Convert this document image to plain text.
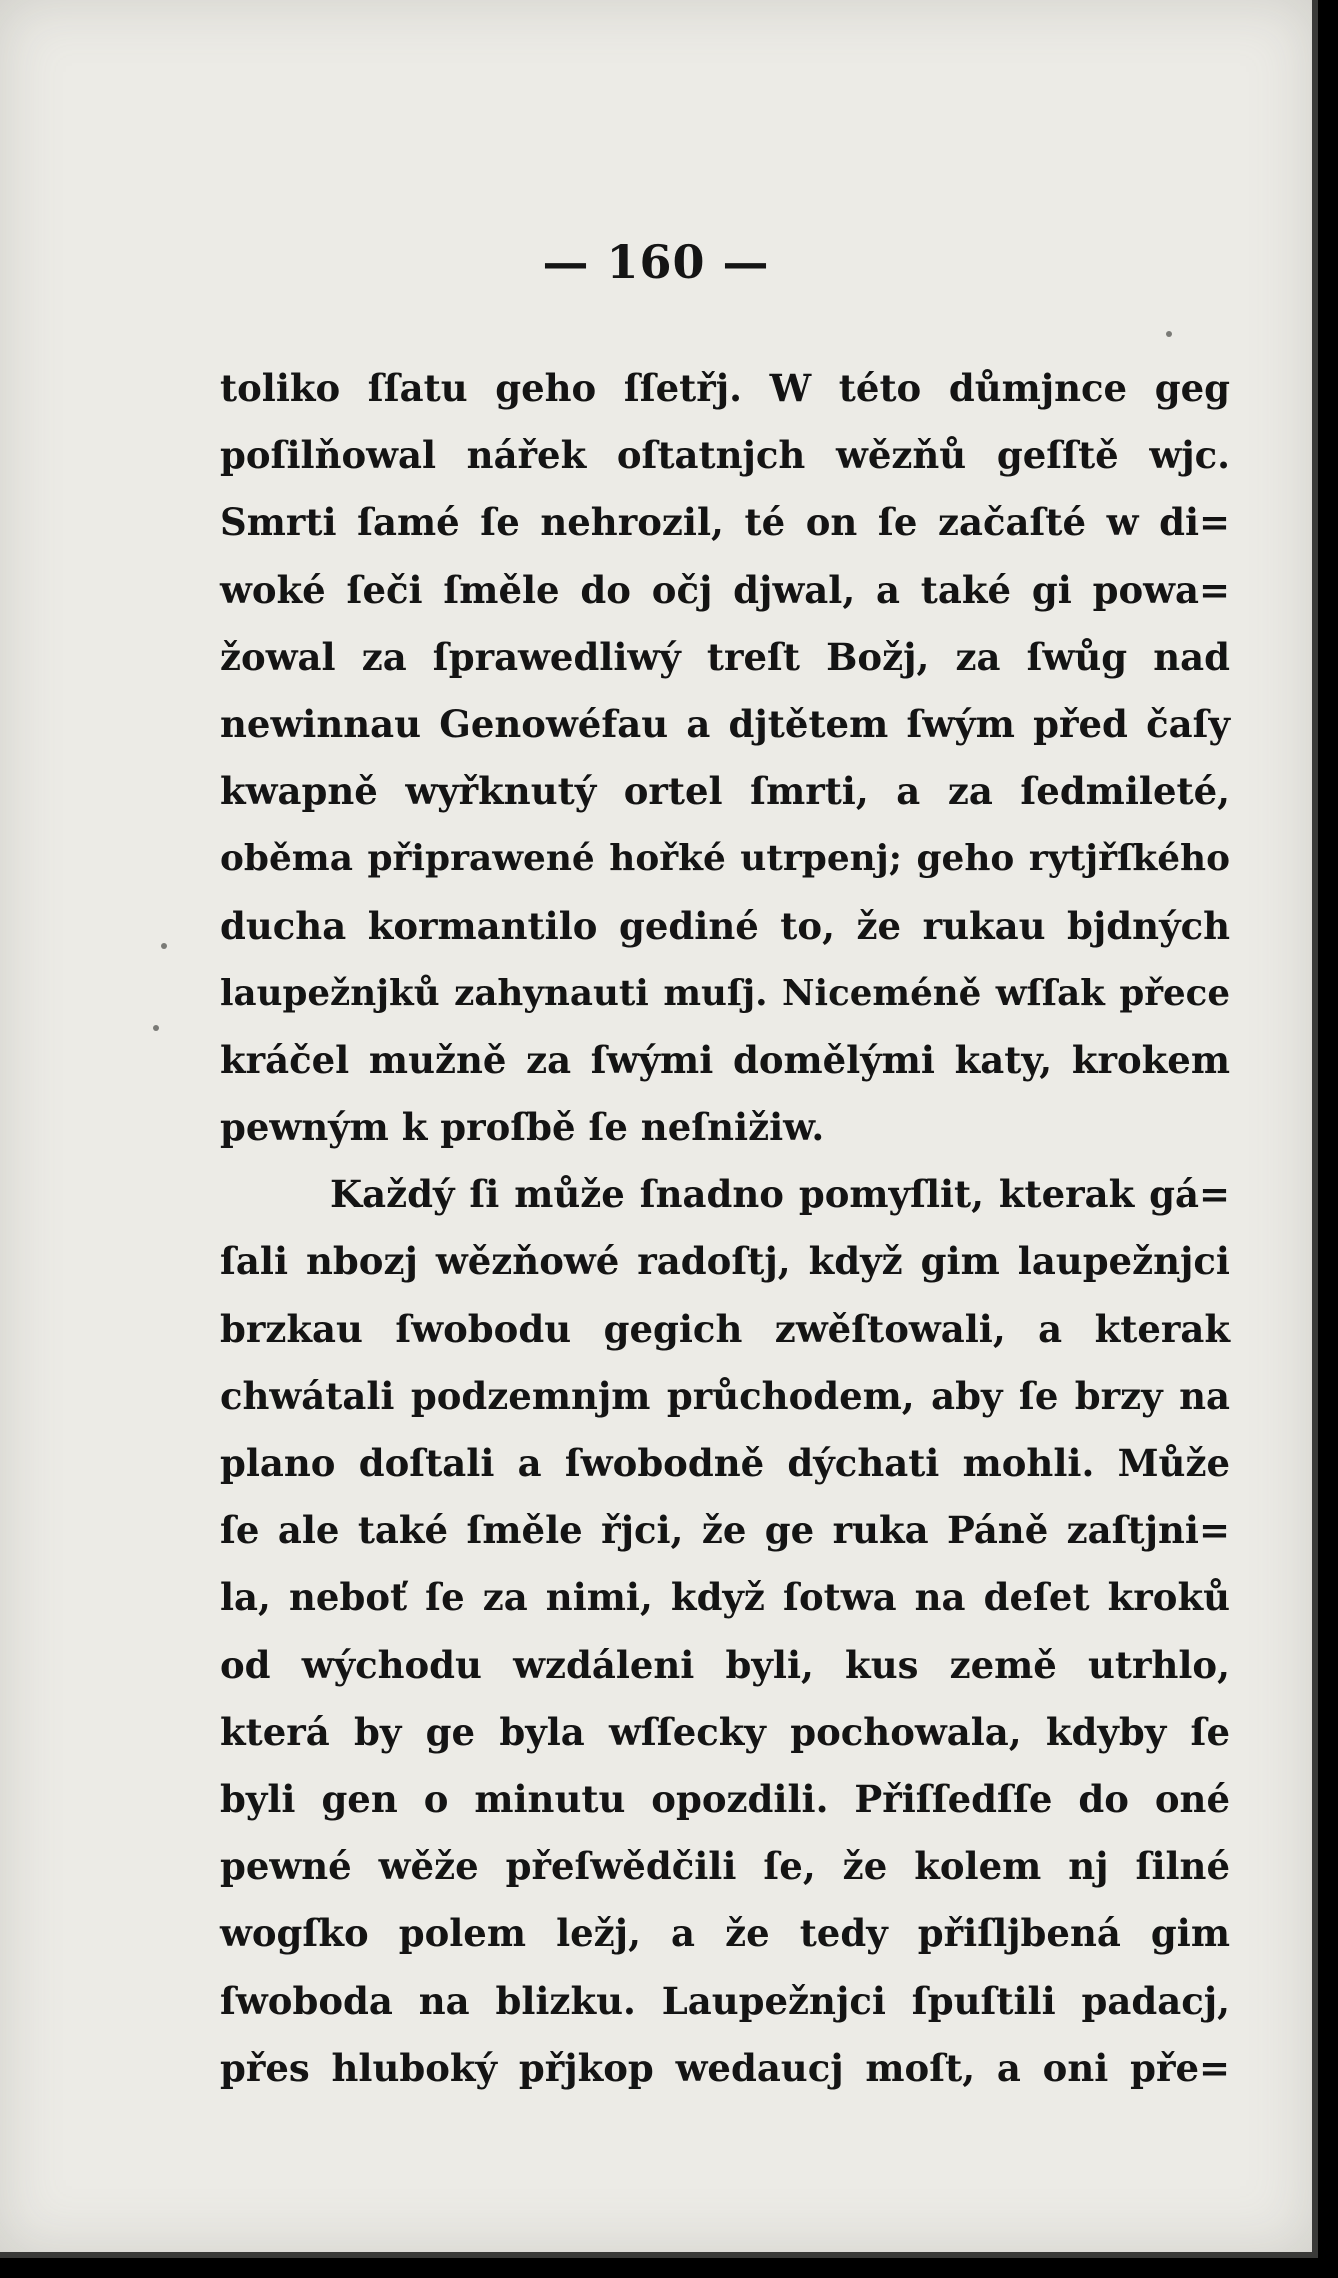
— 160 —
toliko ſſatu geho ſſetřj. W této důmjnce geg
poſilňowal nářek oſtatnjch wězňů geſſtě wjc.
Smrti ſamé ſe nehrozil, té on ſe začaſté w di=
woké ſeči ſměle do očj djwal, a také gi powa=
žowal za ſprawedliwý treſt Božj, za ſwůg nad
newinnau Genowéfau a djtětem ſwým před čaſy
kwapně wyřknutý ortel ſmrti, a za ſedmileté,
oběma připrawené hořké utrpenj; geho rytjřſkého
ducha kormantilo gediné to, že rukau bjdných
laupežnjků zahynauti muſj. Niceméně wſſak přece
kráčel mužně za ſwými domělými katy, krokem
pewným k proſbě ſe neſnižiw.
Každý ſi může ſnadno pomyſlit, kterak gá=
ſali nbozj wězňowé radoſtj, když gim laupežnjci
brzkau ſwobodu gegich zwěſtowali, a kterak
chwátali podzemnjm průchodem, aby ſe brzy na
plano doſtali a ſwobodně dýchati mohli. Může
ſe ale také ſměle řjci, že ge ruka Páně zaſtjni=
la, neboť ſe za nimi, když ſotwa na deſet kroků
od wýchodu wzdáleni byli, kus země utrhlo,
která by ge byla wſſecky pochowala, kdyby ſe
byli gen o minutu opozdili. Přiſſedſſe do oné
pewné wěže přeſwědčili ſe, že kolem nj ſilné
wogſko polem ležj, a že tedy přiſljbená gim
ſwoboda na blizku. Laupežnjci ſpuſtili padacj,
přes hluboký přjkop wedaucj moſt, a oni pře=
